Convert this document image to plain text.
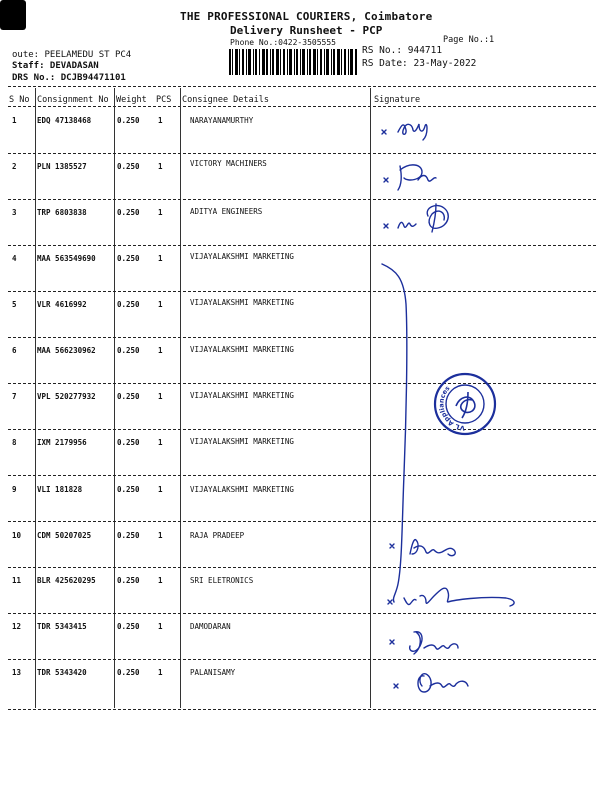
THE PROFESSIONAL COURIERS, Coimbatore
Delivery Runsheet - PCP
Phone No.:0422-3505555	Page No.:1
RS No.: 944711
RS Date: 23-May-2022
oute: PEELAMEDU ST PC4
Staff: DEVADASAN
DRS No.: DCJB94471101
S No Consignment No Weight PCS Consignee Details	Signature
1	EDQ 47138468	0.250 1	NARAYANAMURTHY
2	PLN 1385527	0.250 1	VICTORY MACHINERS
3	TRP 6803838	0.250 1	ADITYA ENGINEERS
4	MAA 563549690	0.250 1	VIJAYALAKSHMI MARKETING
5	VLR 4616992	0.250 1	VIJAYALAKSHMI MARKETING
6	MAA 566230962	0.250 1	VIJAYALAKSHMI MARKETING
7	VPL 520277932	0.250 1	VIJAYALAKSHMI MARKETING
8	IXM 2179956	0.250 1	VIJAYALAKSHMI MARKETING
9	VLI 181828	0.250 1	VIJAYALAKSHMI MARKETING
10 CDM 50207025	0.250 1	RAJA PRADEEP
11 BLR 425620295	0.250 1	SRI ELETRONICS
12 TDR 5343415	0.250 1	DAMODARAN
13 TDR 5343420	0.250 1	PALANISAMY
VL Appliances
